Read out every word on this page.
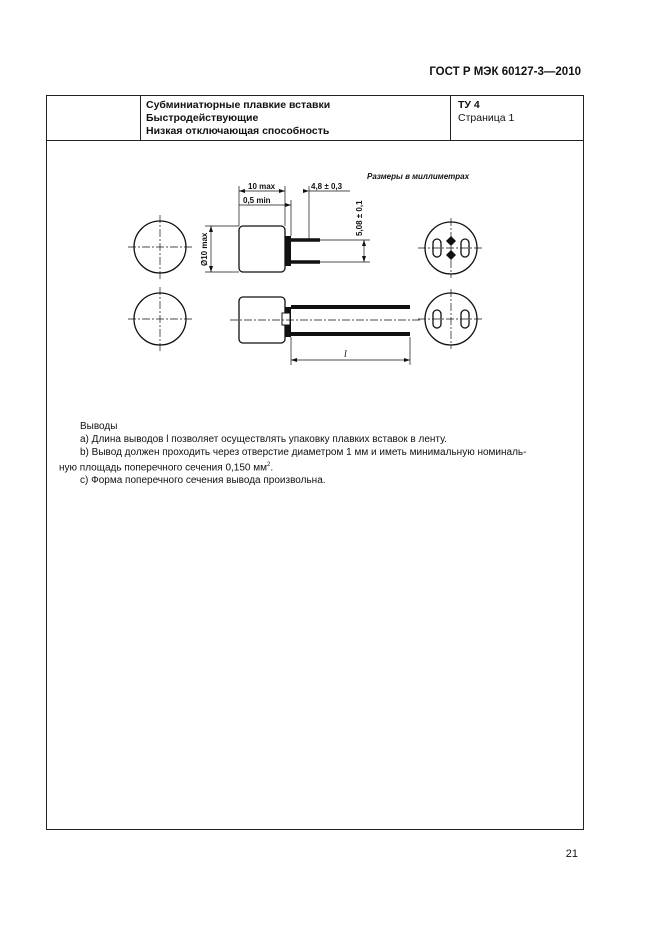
ГОСТ Р МЭК 60127-3—2010
Субминиатюрные плавкие вставки
Быстродействующие
Низкая отключающая способность
ТУ 4
Страница 1
10 max
0,5 min
4,8 ± 0,3
5,08 ± 0,1
Ø10 max
Размеры в миллиметрах
l

Выводы

a) Длина выводов l позволяет осуществлять упаковку плавких вставок в ленту.

b) Вывод должен проходить через отверстие диаметром 1 мм и иметь минимальную номиналь-

ную площадь поперечного сечения 0,150 $мм^2$.

c) Форма поперечного сечения вывода произвольна.

21
